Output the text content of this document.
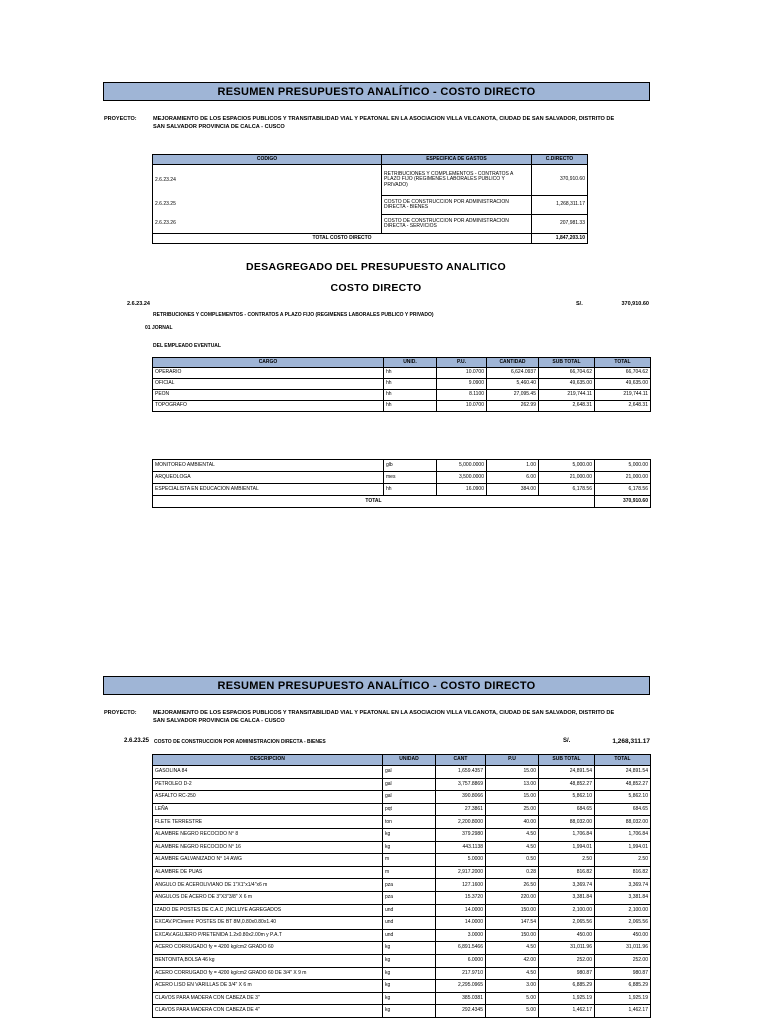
RESUMEN PRESUPUESTO ANALÍTICO - COSTO DIRECTO
PROYECTO:	MEJORAMIENTO DE LOS ESPACIOS PUBLICOS Y TRANSITABILIDAD VIAL Y PEATONAL EN LA ASOCIACION VILLA VILCANOTA, CIUDAD DE SAN SALVADOR, DISTRITO DE SAN SALVADOR PROVINCIA DE CALCA - CUSCO
CODIGO	ESPECIFICA DE GASTOS	C.DIRECTO
2.6.23.24	RETRIBUCIONES Y COMPLEMENTOS - CONTRATOS A PLAZO FIJO (REGIMENES LABORALES PUBLICO Y PRIVADO)	370,910.60
2.6.23.25	COSTO DE CONSTRUCCION POR ADMINISTRACION DIRECTA - BIENES	1,268,311.17
2.6.23.26	COSTO DE CONSTRUCCION POR ADMINISTRACION DIRECTA - SERVICIOS	207,981.33
TOTAL COSTO DIRECTO		1,847,203.10
DESAGREGADO DEL PRESUPUESTO ANALITICO
COSTO DIRECTO
2.6.23.24	S/.	370,910.60
RETRIBUCIONES Y COMPLEMENTOS - CONTRATOS A PLAZO FIJO (REGIMENES LABORALES PUBLICO Y PRIVADO)
01 JORNAL
DEL EMPLEADO EVENTUAL
CARGO	UNID.	P.U.	CANTIDAD	SUB TOTAL	TOTAL
OPERARIO	hh	10.0700	6,624.0937	66,704.62	66,704.62
OFICIAL	hh	9.0900	5,460.40	49,635.00	49,635.00
PEON	hh	8.1100	27,095.45	219,744.11	219,744.11
TOPOGRAFO	hh	10.0700	262.99	2,648.31	2,648.31
MONITOREO AMBIENTAL	glb	5,000.0000	1.00	5,000.00	5,000.00
ARQUEOLOGA	mes	3,500.0000	6.00	21,000.00	21,000.00
ESPECIALISTA EN EDUCACION AMBIENTAL	hh	16.0900	384.00	6,178.56	6,178.56
TOTAL					370,910.60
RESUMEN PRESUPUESTO ANALÍTICO - COSTO DIRECTO
PROYECTO:	MEJORAMIENTO DE LOS ESPACIOS PUBLICOS Y TRANSITABILIDAD VIAL Y PEATONAL EN LA ASOCIACION VILLA VILCANOTA, CIUDAD DE SAN SALVADOR, DISTRITO DE SAN SALVADOR PROVINCIA DE CALCA - CUSCO
2.6.23.25 COSTO DE CONSTRUCCION POR ADMINISTRACION DIRECTA - BIENES	S/.	1,268,311.17
DESCRIPCION	UNIDAD	CANT	P.U	SUB TOTAL	TOTAL
GASOLINA 84	gal	1,659.4357	15.00	24,891.54	24,891.54
PETROLEO D-2	gal	3,757.8869	13.00	48,852.27	48,852.27
ASFALTO RC-250	gal	390.8066	15.00	5,862.10	5,862.10
LEÑA	pqt	27.3861	25.00	684.65	684.65
FLETE TERRESTRE	ton	2,200.8000	40.00	88,032.00	88,032.00
ALAMBRE NEGRO RECOCIDO N° 8	kg	379.2980	4.50	1,706.84	1,706.84
ALAMBRE NEGRO RECOCIDO N° 16	kg	443.1138	4.50	1,994.01	1,994.01
ALAMBRE GALVANIZADO N° 14 AWG	m	5.0000	0.50	2.50	2.50
ALAMBRE DE PUAS	m	2,917.2000	0.28	816.82	816.82
ANGULO DE ACEROLIVIANO DE 1"X1"x1/4"x6 m	pza	127.1600	26.50	3,369.74	3,369.74
ANGULOS DE ACERO DE 3"X3"3/8" X 6 m	pza	15.3720	220.00	3,381.84	3,381.84
IZADO DE POSTES DE C.A.C ,INCLUYE AGREGADOS	und	14.0000	150.00	2,100.00	2,100.00
EXCAV.P/Ciment: POSTES DE BT 8M,0.80x0.80x1.40	und	14.0000	147.54	2,065.56	2,065.56
EXCAV.AGUJERO P/RETENIDA 1.2x0.80x2.00m y P.A.T	und	3.0000	150.00	450.00	450.00
ACERO CORRUGADO fy = 4200 kg/cm2 GRADO 60	kg	6,891.5466	4.50	31,011.96	31,011.96
BENTONITA,BOLSA 46 kg	kg	6.0000	42.00	252.00	252.00
ACERO CORRUGADO fy = 4200 kg/cm2 GRADO 60 DE 3/4" X 9 m	kg	217.9710	4.50	980.87	980.87
ACERO LISO EN VARILLAS DE 3/4" X 6 m	kg	2,295.0965	3.00	6,885.29	6,885.29
CLAVOS PARA MADERA CON CABEZA DE 3"	kg	385.0381	5.00	1,925.19	1,925.19
CLAVOS PARA MADERA CON CABEZA DE 4"	kg	292.4345	5.00	1,462.17	1,462.17
